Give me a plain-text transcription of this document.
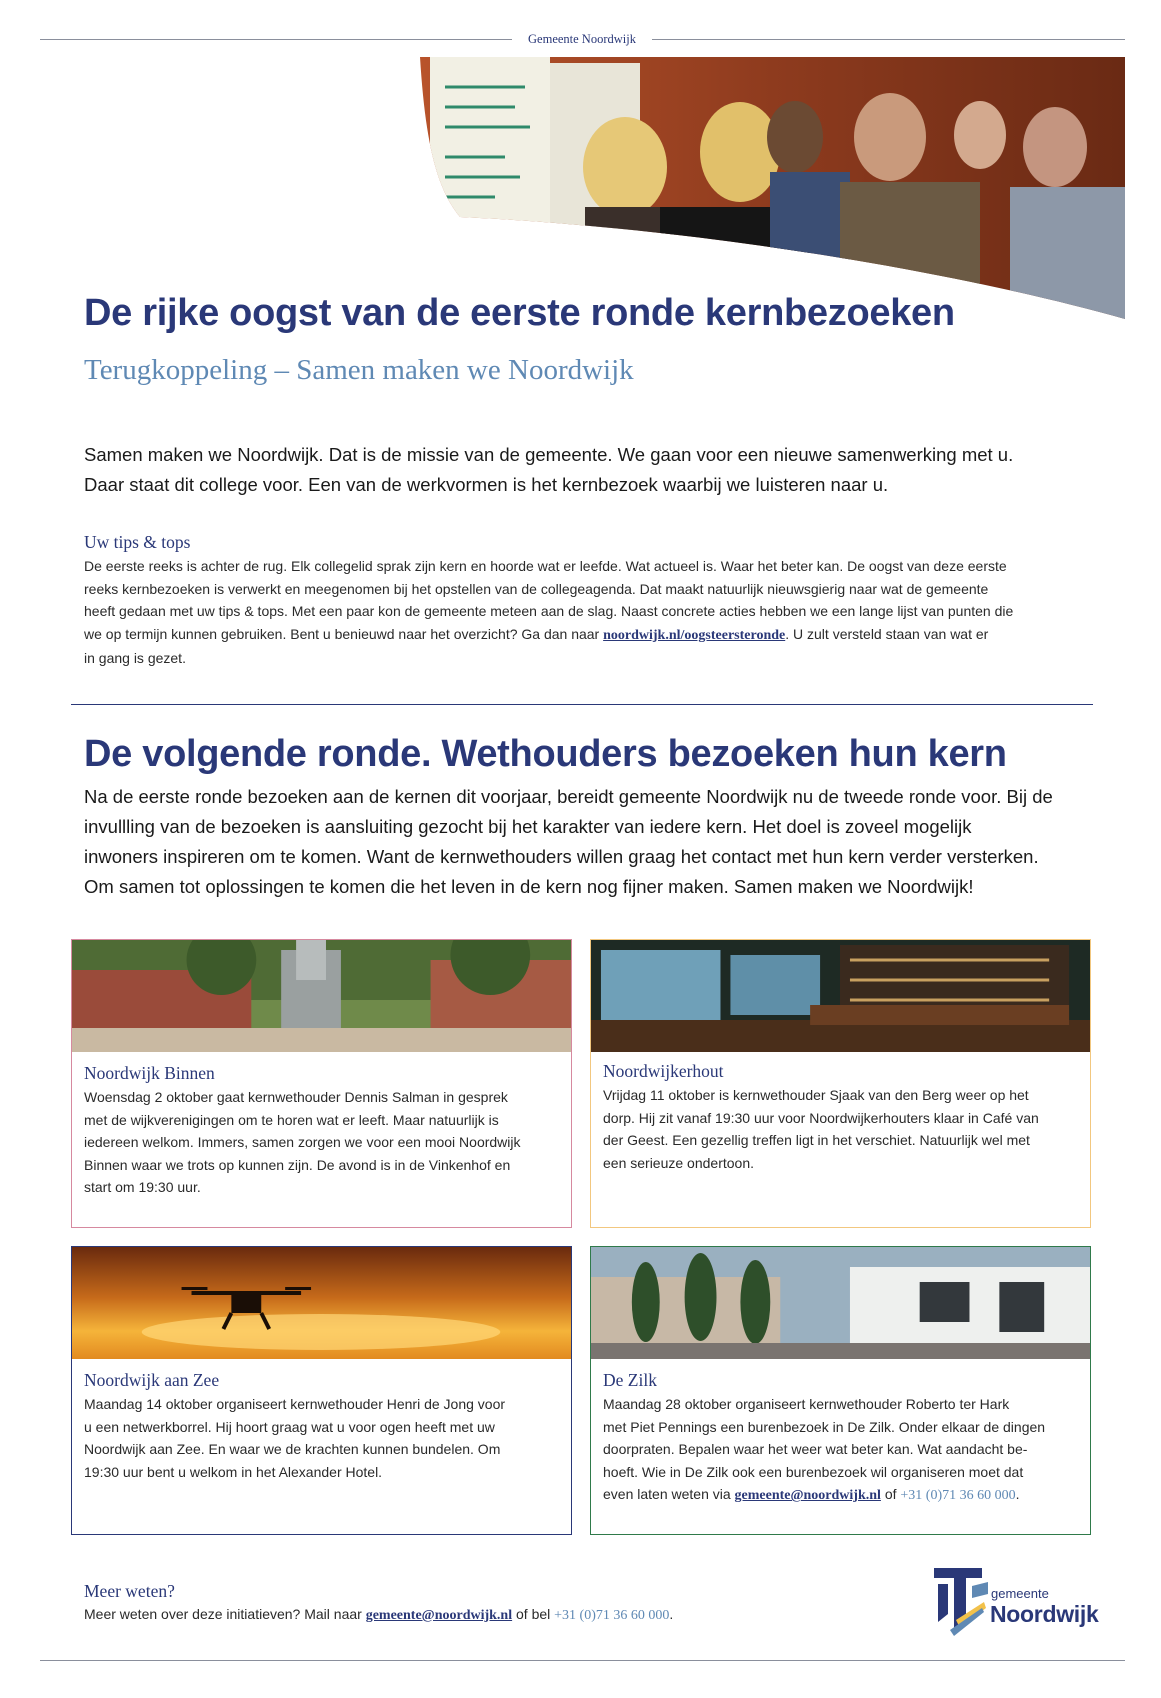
Gemeente Noordwijk
De rijke oogst van de eerste ronde kernbezoeken
Terugkoppeling – Samen maken we Noordwijk
Samen maken we Noordwijk. Dat is de missie van de gemeente. We gaan voor een nieuwe samenwerking met u.
Daar staat dit college voor. Een van de werkvormen is het kernbezoek waarbij we luisteren naar u.
Uw tips & tops
De eerste reeks is achter de rug. Elk collegelid sprak zijn kern en hoorde wat er leefde. Wat actueel is. Waar het beter kan. De oogst van deze eerste
reeks kernbezoeken is verwerkt en meegenomen bij het opstellen van de collegeagenda. Dat maakt natuurlijk nieuwsgierig naar wat de gemeente
heeft gedaan met uw tips & tops. Met een paar kon de gemeente meteen aan de slag. Naast concrete acties hebben we een lange lijst van punten die
we op termijn kunnen gebruiken. Bent u benieuwd naar het overzicht? Ga dan naar noordwijk.nl/oogsteersteronde. U zult versteld staan van wat er
in gang is gezet.
De volgende ronde. Wethouders bezoeken hun kern
Na de eerste ronde bezoeken aan de kernen dit voorjaar, bereidt gemeente Noordwijk nu de tweede ronde voor. Bij de
invullling van de bezoeken is aansluiting gezocht bij het karakter van iedere kern. Het doel is zoveel mogelijk
inwoners inspireren om te komen. Want de kernwethouders willen graag het contact met hun kern verder versterken.
Om samen tot oplossingen te komen die het leven in de kern nog fijner maken. Samen maken we Noordwijk!
Noordwijk Binnen
Woensdag 2 oktober gaat kernwethouder Dennis Salman in gesprek
met de wijkverenigingen om te horen wat er leeft. Maar natuurlijk is
iedereen welkom. Immers, samen zorgen we voor een mooi Noordwijk
Binnen waar we trots op kunnen zijn. De avond is in de Vinkenhof en
start om 19:30 uur.
Noordwijkerhout
Vrijdag 11 oktober is kernwethouder Sjaak van den Berg weer op het
dorp. Hij zit vanaf 19:30 uur voor Noordwijkerhouters klaar in Café van
der Geest. Een gezellig treffen ligt in het verschiet. Natuurlijk wel met
een serieuze ondertoon.
Noordwijk aan Zee
Maandag 14 oktober organiseert kernwethouder Henri de Jong voor
u een netwerkborrel. Hij hoort graag wat u voor ogen heeft met uw
Noordwijk aan Zee. En waar we de krachten kunnen bundelen. Om
19:30 uur bent u welkom in het Alexander Hotel.
De Zilk
Maandag 28 oktober organiseert kernwethouder Roberto ter Hark
met Piet Pennings een burenbezoek in De Zilk. Onder elkaar de dingen
doorpraten. Bepalen waar het weer wat beter kan. Wat aandacht be-
hoeft. Wie in De Zilk ook een burenbezoek wil organiseren moet dat
even laten weten via gemeente@noordwijk.nl of +31 (0)71 36 60 000.
Meer weten?
Meer weten over deze initiatieven? Mail naar gemeente@noordwijk.nl of bel +31 (0)71 36 60 000.
gemeente
Noordwijk
